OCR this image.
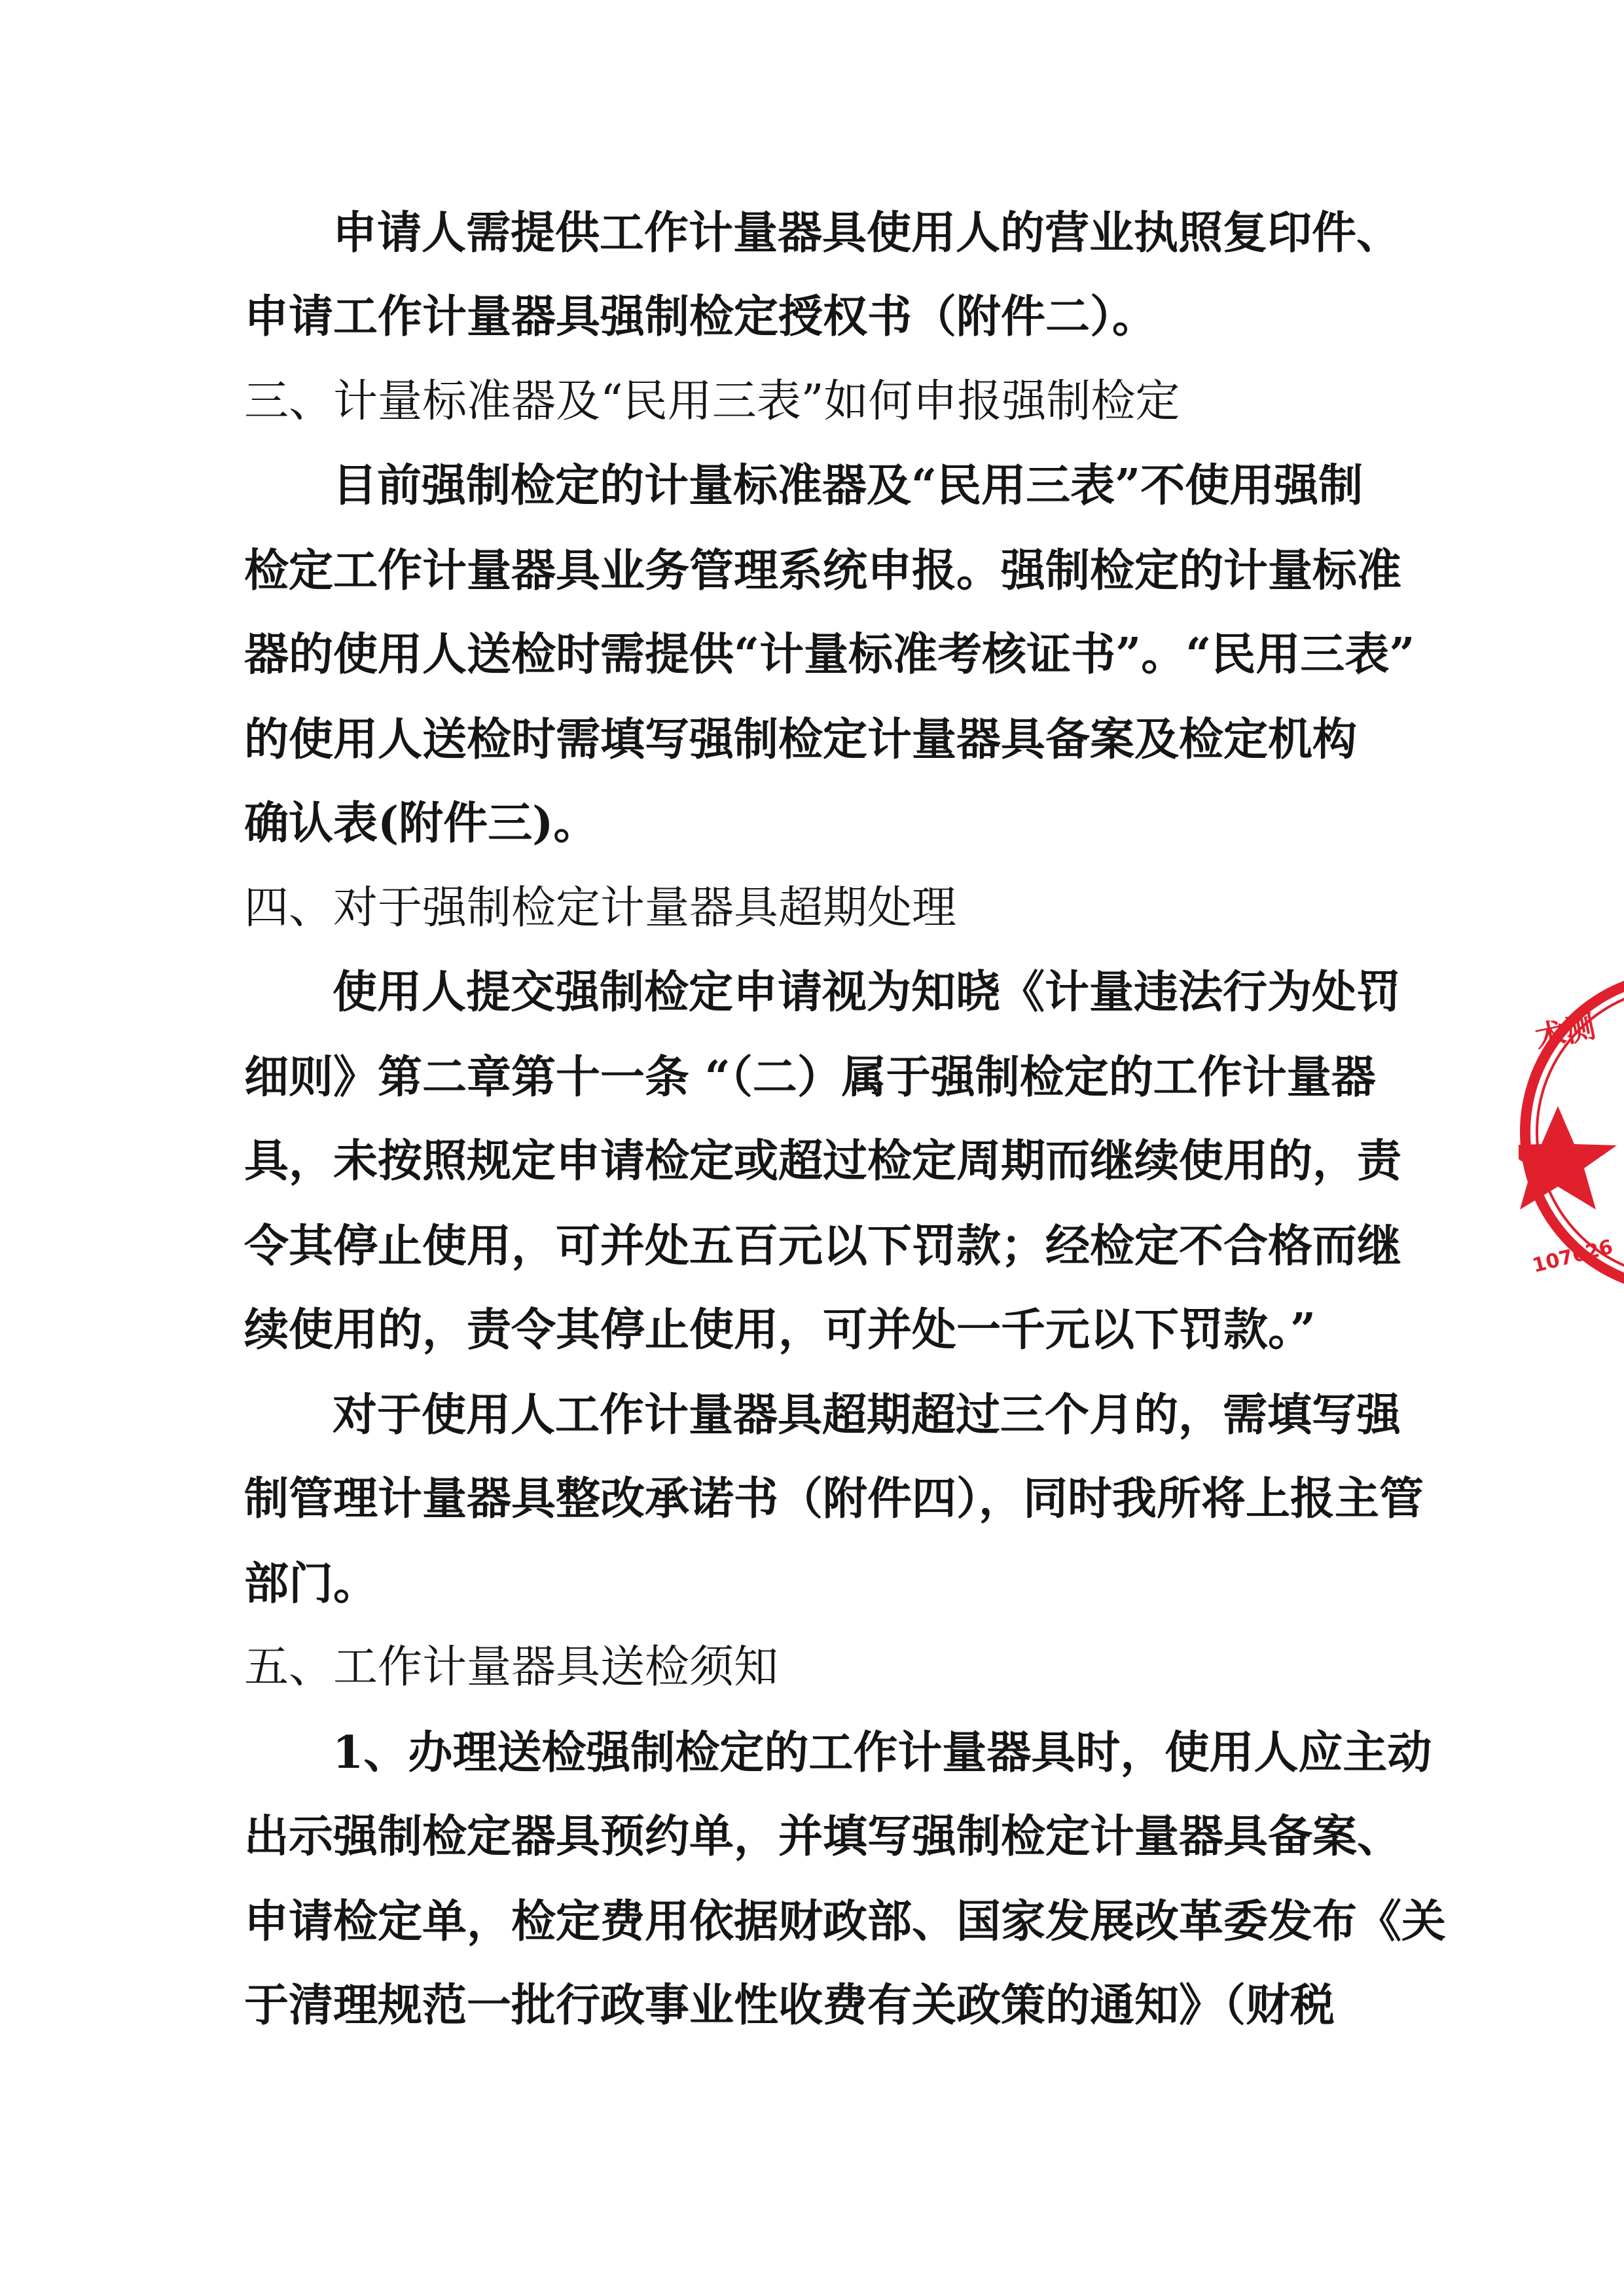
申请人需提供工作计量器具使用人的营业执照复印件、
申请工作计量器具强制检定授权书（附件二）。
三、计量标准器及“民用三表”如何申报强制检定
目前强制检定的计量标准器及“民用三表”不使用强制
检定工作计量器具业务管理系统申报。强制检定的计量标准
器的使用人送检时需提供“计量标准考核证书”。“民用三表”
的使用人送检时需填写强制检定计量器具备案及检定机构
确认表(附件三)。
四、对于强制检定计量器具超期处理
使用人提交强制检定申请视为知晓《计量违法行为处罚
细则》第二章第十一条 “（二）属于强制检定的工作计量器
具，未按照规定申请检定或超过检定周期而继续使用的，责
令其停止使用，可并处五百元以下罚款；经检定不合格而继
续使用的，责令其停止使用，可并处一千元以下罚款。”
对于使用人工作计量器具超期超过三个月的，需填写强
制管理计量器具整改承诺书（附件四），同时我所将上报主管
部门。
五、工作计量器具送检须知
1、办理送检强制检定的工作计量器具时，使用人应主动
出示强制检定器具预约单，并填写强制检定计量器具备案、
申请检定单，检定费用依据财政部、国家发展改革委发布《关
于清理规范一批行政事业性收费有关政策的通知》（财税
术测
107626
